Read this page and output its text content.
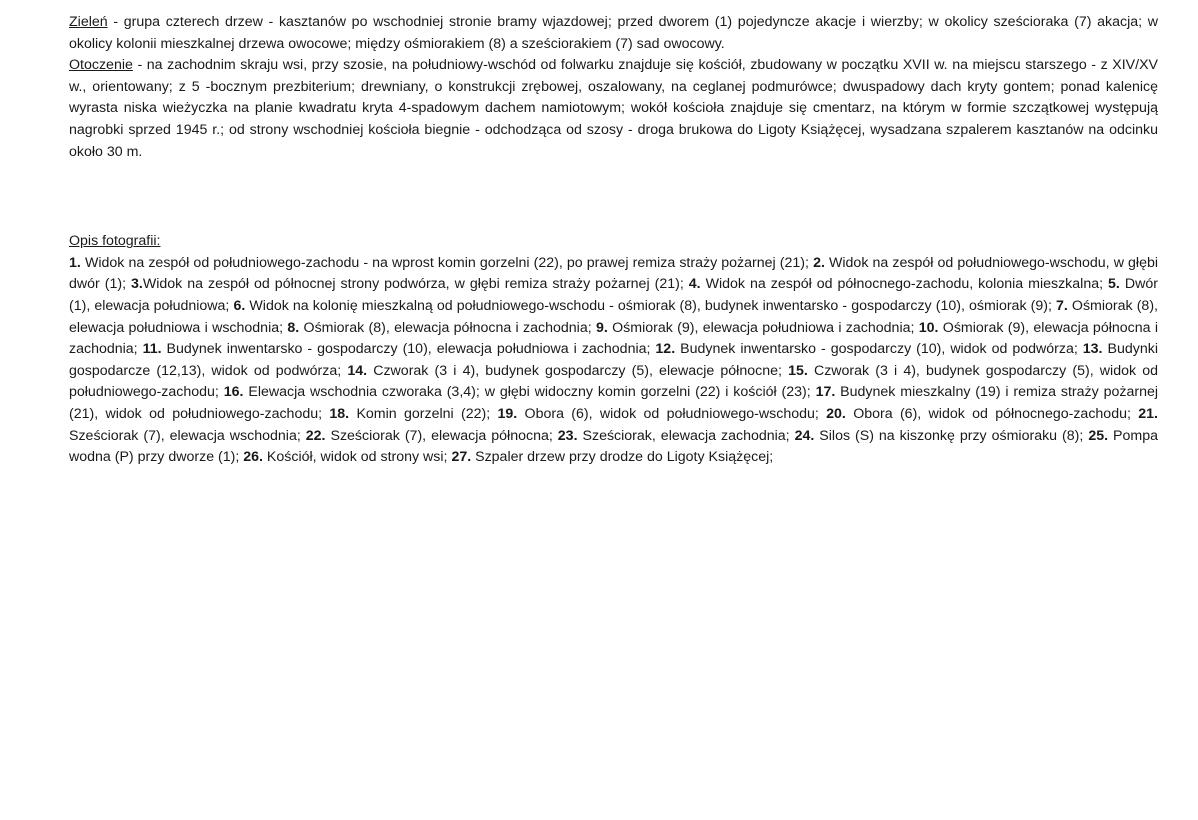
Zieleń - grupa czterech drzew - kasztanów po wschodniej stronie bramy wjazdowej; przed dworem (1) pojedyncze akacje i wierzby; w okolicy sześcioraka (7) akacja; w okolicy kolonii mieszkalnej drzewa owocowe; między ośmiorakiem (8) a sześciorakiem (7) sad owocowy.

Otoczenie - na zachodnim skraju wsi, przy szosie, na południowy-wschód od folwarku znajduje się kościół, zbudowany w początku XVII w. na miejscu starszego - z XIV/XV w., orientowany; z 5 -bocznym prezbiterium; drewniany, o konstrukcji zrębowej, oszalowany, na ceglanej podmurówce; dwuspadowy dach kryty gontem; ponad kalenicę wyrasta niska wieżyczka na planie kwadratu kryta 4-spadowym dachem namiotowym; wokół kościoła znajduje się cmentarz, na którym w formie szczątkowej występują nagrobki sprzed 1945 r.; od strony wschodniej kościoła biegnie - odchodząca od szosy - droga brukowa do Ligoty Książęcej, wysadzana szpalerem kasztanów na odcinku około 30 m.

Opis fotografii:

1. Widok na zespół od południowego-zachodu - na wprost komin gorzelni (22), po prawej remiza straży pożarnej (21); 2. Widok na zespół od południowego-wschodu, w głębi dwór (1); 3.Widok na zespół od północnej strony podwórza, w głębi remiza straży pożarnej (21); 4. Widok na zespół od północnego-zachodu, kolonia mieszkalna; 5. Dwór (1), elewacja południowa; 6. Widok na kolonię mieszkalną od południowego-wschodu - ośmiorak (8), budynek inwentarsko - gospodarczy (10), ośmiorak (9); 7. Ośmiorak (8), elewacja południowa i wschodnia; 8. Ośmiorak (8), elewacja północna i zachodnia; 9. Ośmiorak (9), elewacja południowa i zachodnia; 10. Ośmiorak (9), elewacja północna i zachodnia; 11. Budynek inwentarsko - gospodarczy (10), elewacja południowa i zachodnia; 12. Budynek inwentarsko - gospodarczy (10), widok od podwórza; 13. Budynki gospodarcze (12,13), widok od podwórza; 14. Czworak (3 i 4), budynek gospodarczy (5), elewacje północne; 15. Czworak (3 i 4), budynek gospodarczy (5), widok od południowego-zachodu; 16. Elewacja wschodnia czworaka (3,4); w głębi widoczny komin gorzelni (22) i kościół (23); 17. Budynek mieszkalny (19) i remiza straży pożarnej (21), widok od południowego-zachodu; 18. Komin gorzelni (22); 19. Obora (6), widok od południowego-wschodu; 20. Obora (6), widok od północnego-zachodu; 21. Sześciorak (7), elewacja wschodnia; 22. Sześciorak (7), elewacja północna; 23. Sześciorak, elewacja zachodnia; 24. Silos (S) na kiszonkę przy ośmioraku (8); 25. Pompa wodna (P) przy dworze (1); 26. Kościół, widok od strony wsi; 27. Szpaler drzew przy drodze do Ligoty Książęcej;
